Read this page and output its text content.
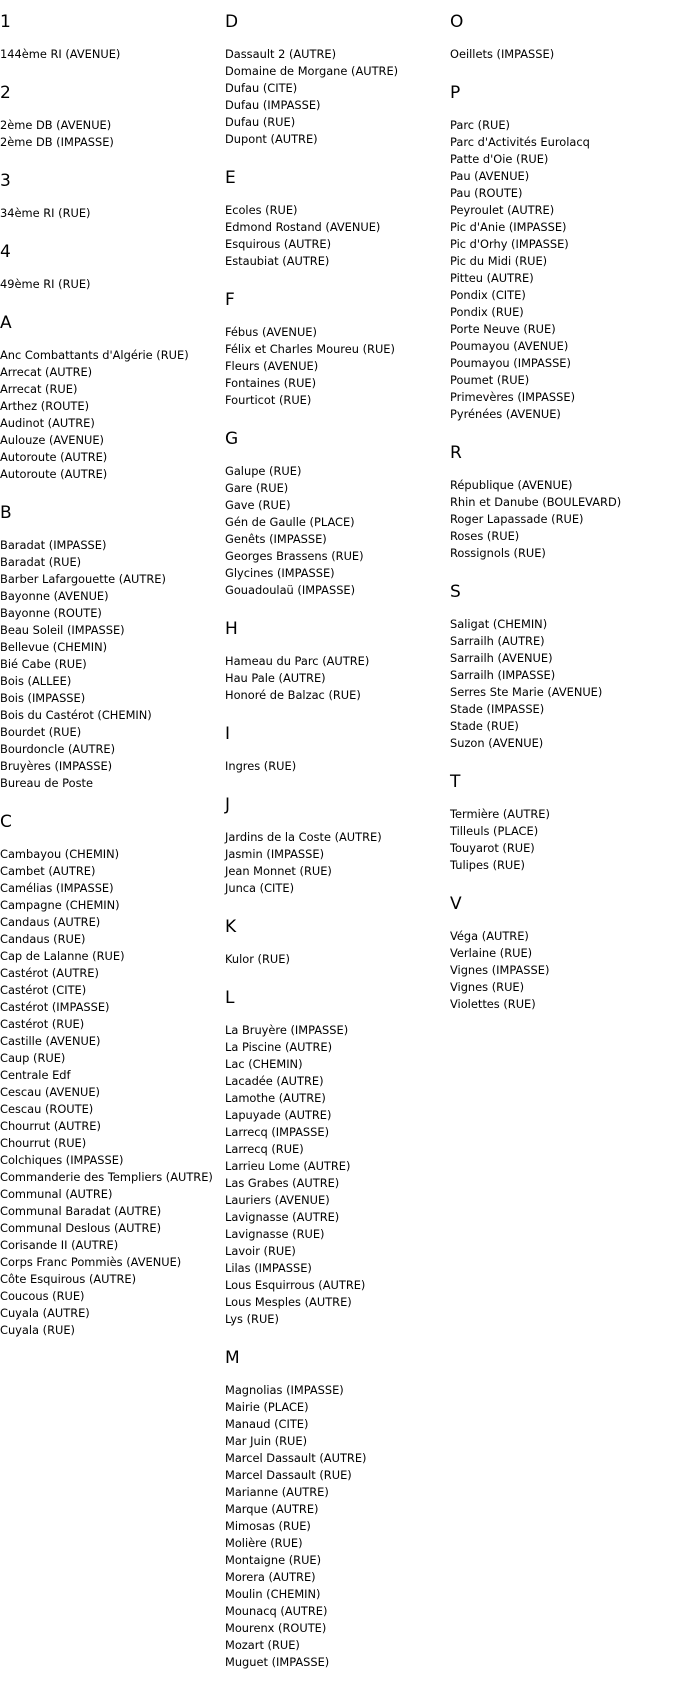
1
144ème RI (AVENUE)
2
2ème DB (AVENUE)
2ème DB (IMPASSE)
3
34ème RI (RUE)
4
49ème RI (RUE)
A
Anc Combattants d'Algérie (RUE)
Arrecat (AUTRE)
Arrecat (RUE)
Arthez (ROUTE)
Audinot (AUTRE)
Aulouze (AVENUE)
Autoroute (AUTRE)
Autoroute (AUTRE)
B
Baradat (IMPASSE)
Baradat (RUE)
Barber Lafargouette (AUTRE)
Bayonne (AVENUE)
Bayonne (ROUTE)
Beau Soleil (IMPASSE)
Bellevue (CHEMIN)
Bié Cabe (RUE)
Bois (ALLEE)
Bois (IMPASSE)
Bois du Castérot (CHEMIN)
Bourdet (RUE)
Bourdoncle (AUTRE)
Bruyères (IMPASSE)
Bureau de Poste
C
Cambayou (CHEMIN)
Cambet (AUTRE)
Camélias (IMPASSE)
Campagne (CHEMIN)
Candaus (AUTRE)
Candaus (RUE)
Cap de Lalanne (RUE)
Castérot (AUTRE)
Castérot (CITE)
Castérot (IMPASSE)
Castérot (RUE)
Castille (AVENUE)
Caup (RUE)
Centrale Edf
Cescau (AVENUE)
Cescau (ROUTE)
Chourrut (AUTRE)
Chourrut (RUE)
Colchiques (IMPASSE)
Commanderie des Templiers (AUTRE)
Communal (AUTRE)
Communal Baradat (AUTRE)
Communal Deslous (AUTRE)
Corisande II (AUTRE)
Corps Franc Pommiès (AVENUE)
Côte Esquirous (AUTRE)
Coucous (RUE)
Cuyala (AUTRE)
Cuyala (RUE)
D
Dassault 2 (AUTRE)
Domaine de Morgane (AUTRE)
Dufau (CITE)
Dufau (IMPASSE)
Dufau (RUE)
Dupont (AUTRE)
E
Ecoles (RUE)
Edmond Rostand (AVENUE)
Esquirous (AUTRE)
Estaubiat (AUTRE)
F
Fébus (AVENUE)
Félix et Charles Moureu (RUE)
Fleurs (AVENUE)
Fontaines (RUE)
Fourticot (RUE)
G
Galupe (RUE)
Gare (RUE)
Gave (RUE)
Gén de Gaulle (PLACE)
Genêts (IMPASSE)
Georges Brassens (RUE)
Glycines (IMPASSE)
Gouadoulaü (IMPASSE)
H
Hameau du Parc (AUTRE)
Hau Pale (AUTRE)
Honoré de Balzac (RUE)
I
Ingres (RUE)
J
Jardins de la Coste (AUTRE)
Jasmin (IMPASSE)
Jean Monnet (RUE)
Junca (CITE)
K
Kulor (RUE)
L
La Bruyère (IMPASSE)
La Piscine (AUTRE)
Lac (CHEMIN)
Lacadée (AUTRE)
Lamothe (AUTRE)
Lapuyade (AUTRE)
Larrecq (IMPASSE)
Larrecq (RUE)
Larrieu Lome (AUTRE)
Las Grabes (AUTRE)
Lauriers (AVENUE)
Lavignasse (AUTRE)
Lavignasse (RUE)
Lavoir (RUE)
Lilas (IMPASSE)
Lous Esquirrous (AUTRE)
Lous Mesples (AUTRE)
Lys (RUE)
M
Magnolias (IMPASSE)
Mairie (PLACE)
Manaud (CITE)
Mar Juin (RUE)
Marcel Dassault (AUTRE)
Marcel Dassault (RUE)
Marianne (AUTRE)
Marque (AUTRE)
Mimosas (RUE)
Molière (RUE)
Montaigne (RUE)
Morera (AUTRE)
Moulin (CHEMIN)
Mounacq (AUTRE)
Mourenx (ROUTE)
Mozart (RUE)
Muguet (IMPASSE)
O
Oeillets (IMPASSE)
P
Parc (RUE)
Parc d'Activités Eurolacq
Patte d'Oie (RUE)
Pau (AVENUE)
Pau (ROUTE)
Peyroulet (AUTRE)
Pic d'Anie (IMPASSE)
Pic d'Orhy (IMPASSE)
Pic du Midi (RUE)
Pitteu (AUTRE)
Pondix (CITE)
Pondix (RUE)
Porte Neuve (RUE)
Poumayou (AVENUE)
Poumayou (IMPASSE)
Poumet (RUE)
Primevères (IMPASSE)
Pyrénées (AVENUE)
R
République (AVENUE)
Rhin et Danube (BOULEVARD)
Roger Lapassade (RUE)
Roses (RUE)
Rossignols (RUE)
S
Saligat (CHEMIN)
Sarrailh (AUTRE)
Sarrailh (AVENUE)
Sarrailh (IMPASSE)
Serres Ste Marie (AVENUE)
Stade (IMPASSE)
Stade (RUE)
Suzon (AVENUE)
T
Termière (AUTRE)
Tilleuls (PLACE)
Touyarot (RUE)
Tulipes (RUE)
V
Véga (AUTRE)
Verlaine (RUE)
Vignes (IMPASSE)
Vignes (RUE)
Violettes (RUE)
